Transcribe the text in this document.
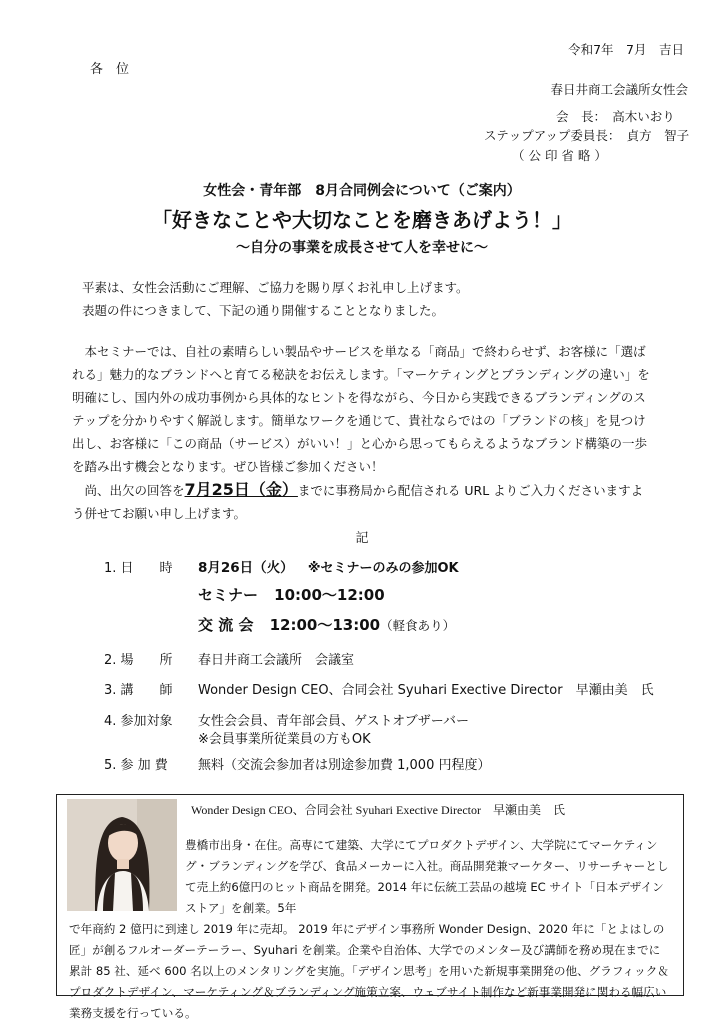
各　位
令和7年　7月　吉日
春日井商工会議所女性会
会　長：　高木いおり
ステップアップ委員長：　貞方　智子
（ 公 印 省 略 ）
女性会・青年部　8月合同例会について（ご案内）
「好きなことや大切なことを磨きあげよう！」
～自分の事業を成長させて人を幸せに～
平素は、女性会活動にご理解、ご協力を賜り厚くお礼申し上げます。
表題の件につきまして、下記の通り開催することとなりました。
本セミナーでは、自社の素晴らしい製品やサービスを単なる「商品」で終わらせず、お客様に「選ばれる」魅力的なブランドへと育てる秘訣をお伝えします。「マーケティングとブランディングの違い」を明確にし、国内外の成功事例から具体的なヒントを得ながら、今日から実践できるブランディングのステップを分かりやすく解説します。簡単なワークを通じて、貴社ならではの「ブランドの核」を見つけ出し、お客様に「この商品（サービス）がいい！」と心から思ってもらえるようなブランド構築の一歩を踏み出す機会となります。ぜひ皆様ご参加ください！
尚、出欠の回答を7月25日（金）までに事務局から配信される URL よりご入力くださいますよう併せてお願い申し上げます。
記
1. 日　　時 8月26日（火） ※セミナーのみの参加OK
セミナー 10:00～12:00
交 流 会 12:00～13:00（軽食あり）
2. 場　　所 春日井商工会議所　会議室
3. 講　　師 Wonder Design CEO、合同会社 Syuhari Exective Director　早瀬由美　氏
4. 参加対象 女性会会員、青年部会員、ゲストオブザーバー
※会員事業所従業員の方もOK
5. 参 加 費 無料（交流会参加者は別途参加費 1,000 円程度）
Wonder Design CEO、合同会社 Syuhari Exective Director　早瀬由美　氏
豊橋市出身・在住。高専にて建築、大学にてプロダクトデザイン、大学院にてマーケティング・ブランディングを学び、食品メーカーに入社。商品開発兼マーケター、リサーチャーとして売上約6億円のヒット商品を開発。2014 年に伝統工芸品の越境 EC サイト「日本デザインストア」を創業。5年
で年商約 2 億円に到達し 2019 年に売却。 2019 年にデザイン事務所 Wonder Design、2020 年に「とよはしの匠」が創るフルオーダーテーラー、Syuhari を創業。企業や自治体、大学でのメンター及び講師を務め現在までに累計 85 社、延べ 600 名以上のメンタリングを実施。「デザイン思考」を用いた新規事業開発の他、グラフィック＆プロダクトデザイン、マーケティング＆ブランディング施策立案、ウェブサイト制作など新事業開発に関わる幅広い業務支援を行っている。
